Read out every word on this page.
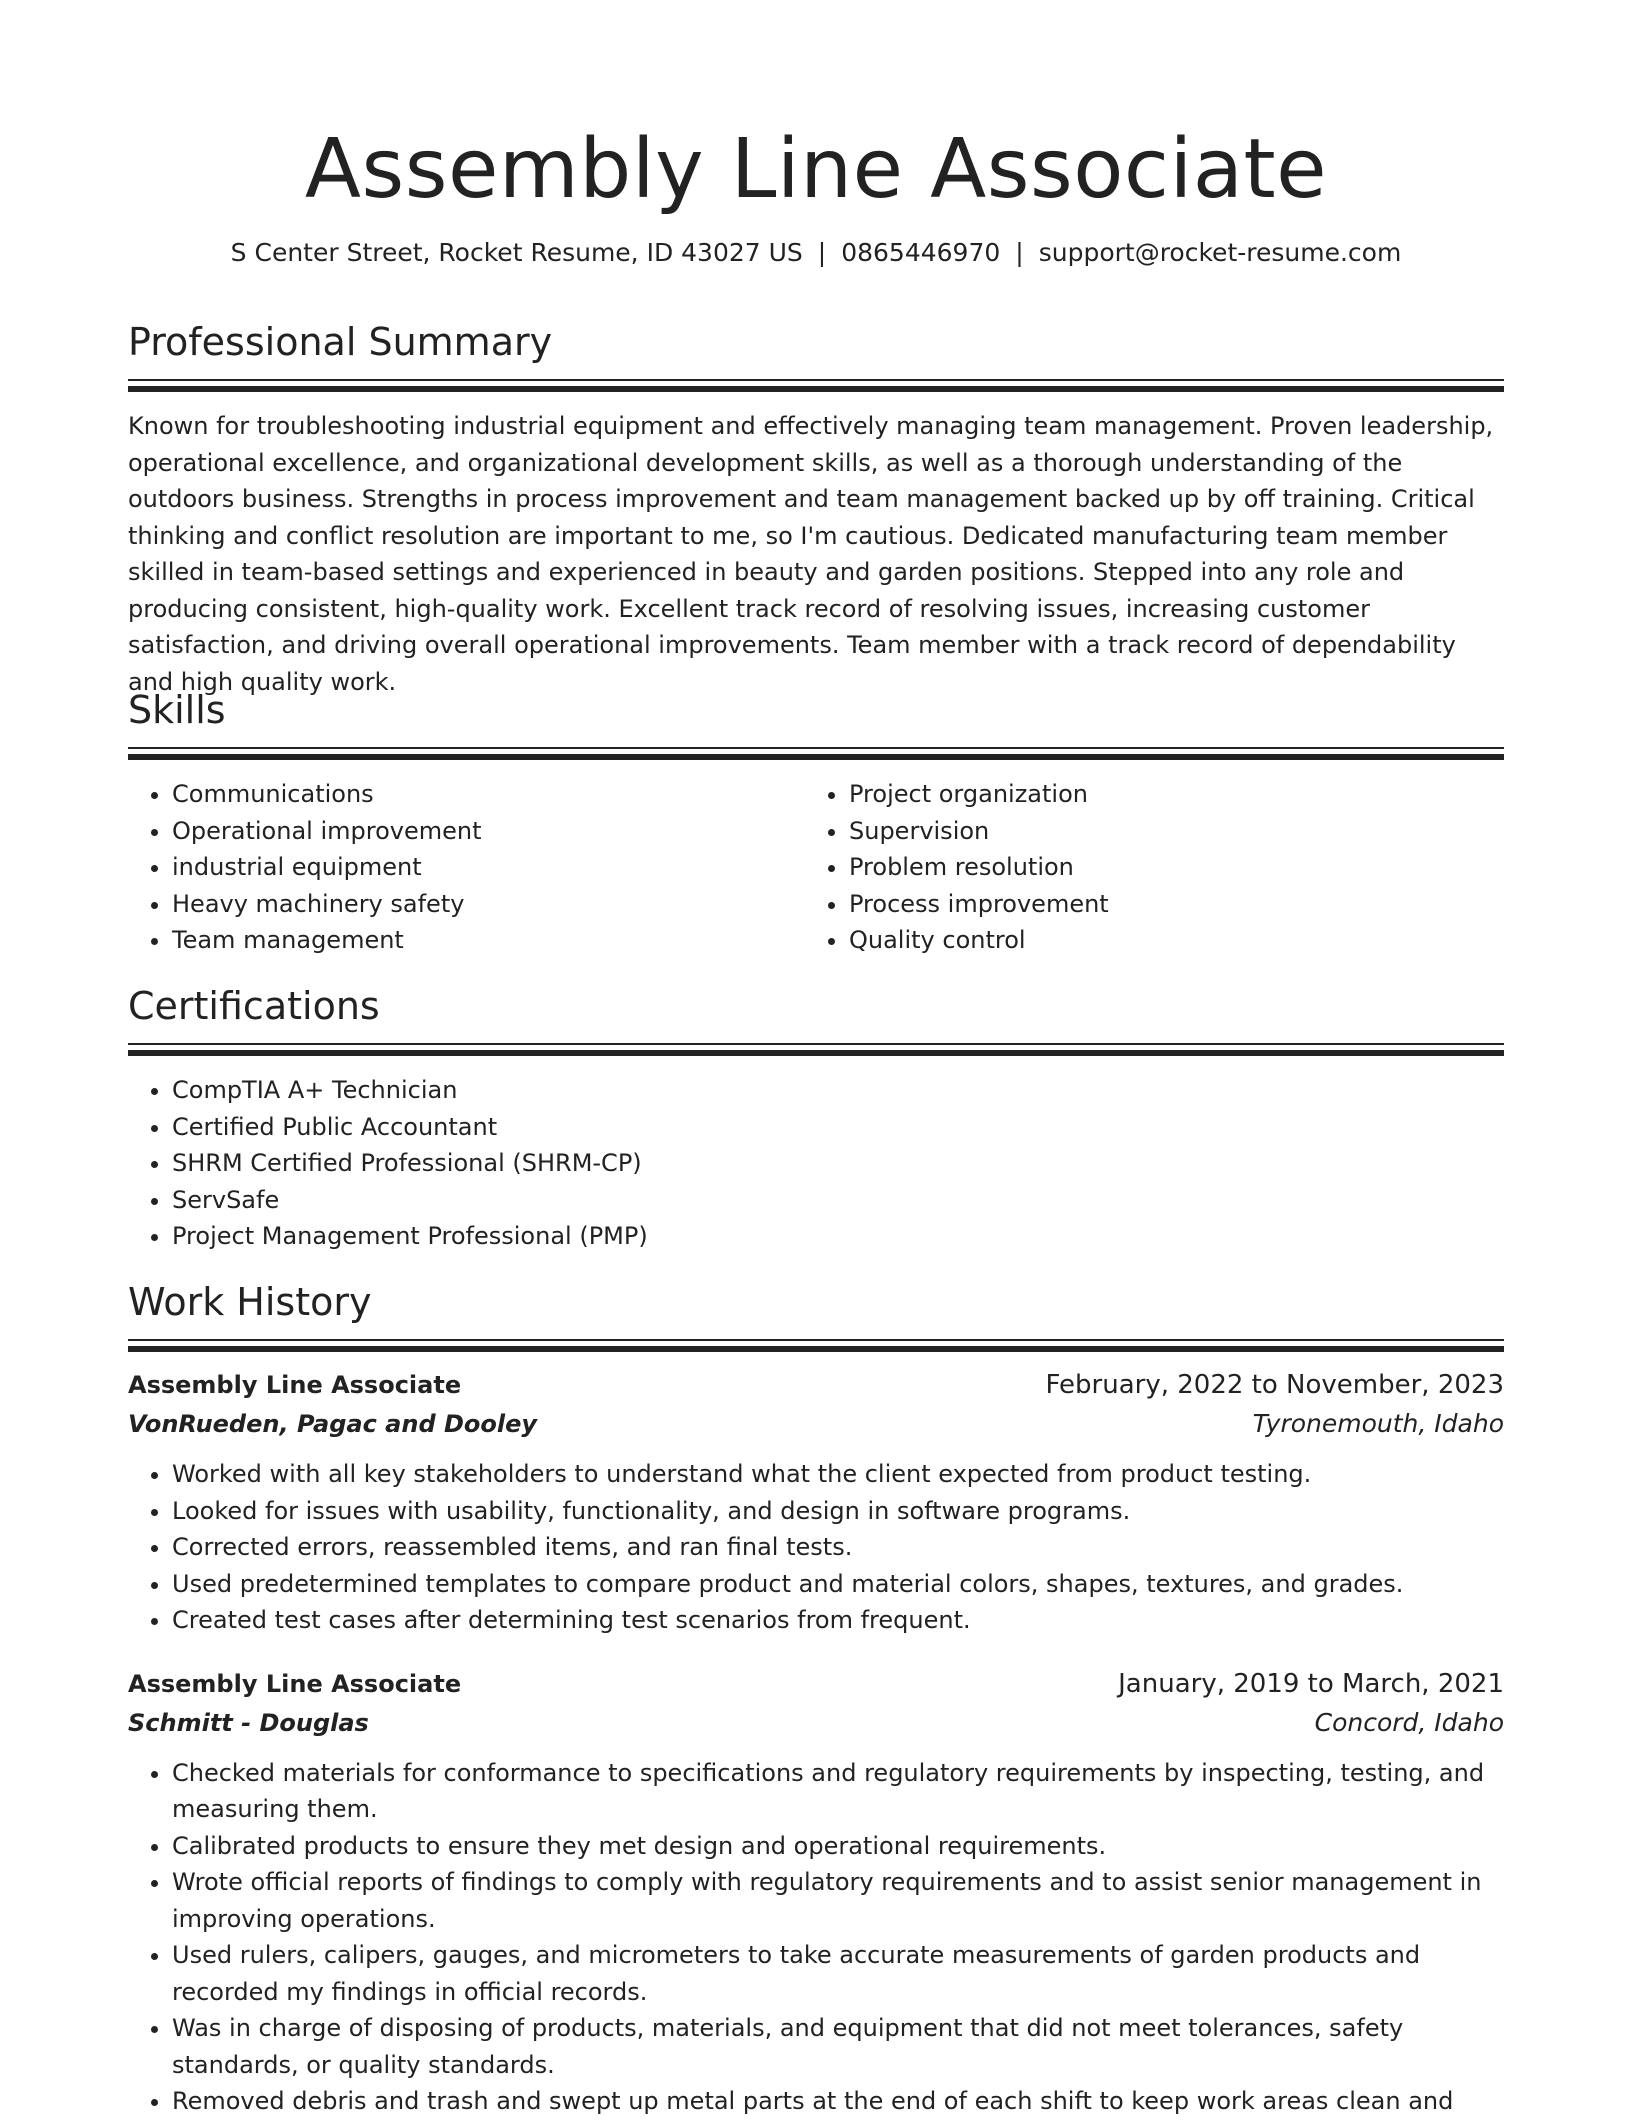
Assembly Line Associate
S Center Street, Rocket Resume, ID 43027 US | 0865446970 | support@rocket-resume.com
Professional Summary
Known for troubleshooting industrial equipment and effectively managing team management. Proven leadership, operational excellence, and organizational development skills, as well as a thorough understanding of the outdoors business. Strengths in process improvement and team management backed up by off training. Critical thinking and conflict resolution are important to me, so I'm cautious. Dedicated manufacturing team member skilled in team-based settings and experienced in beauty and garden positions. Stepped into any role and producing consistent, high-quality work. Excellent track record of resolving issues, increasing customer satisfaction, and driving overall operational improvements. Team member with a track record of dependability and high quality work.
Skills
• Communications
• Operational improvement
• industrial equipment
• Heavy machinery safety
• Team management
• Project organization
• Supervision
• Problem resolution
• Process improvement
• Quality control
Certifications
• CompTIA A+ Technician
• Certified Public Accountant
• SHRM Certified Professional (SHRM-CP)
• ServSafe
• Project Management Professional (PMP)
Work History
Assembly Line Associate	February, 2022 to November, 2023
VonRueden, Pagac and Dooley	Tyronemouth, Idaho
• Worked with all key stakeholders to understand what the client expected from product testing.
• Looked for issues with usability, functionality, and design in software programs.
• Corrected errors, reassembled items, and ran final tests.
• Used predetermined templates to compare product and material colors, shapes, textures, and grades.
• Created test cases after determining test scenarios from frequent.
Assembly Line Associate	January, 2019 to March, 2021
Schmitt - Douglas	Concord, Idaho
• Checked materials for conformance to specifications and regulatory requirements by inspecting, testing, and measuring them.
• Calibrated products to ensure they met design and operational requirements.
• Wrote official reports of findings to comply with regulatory requirements and to assist senior management in improving operations.
• Used rulers, calipers, gauges, and micrometers to take accurate measurements of garden products and recorded my findings in official records.
• Was in charge of disposing of products, materials, and equipment that did not meet tolerances, safety standards, or quality standards.
• Removed debris and trash and swept up metal parts at the end of each shift to keep work areas clean and
